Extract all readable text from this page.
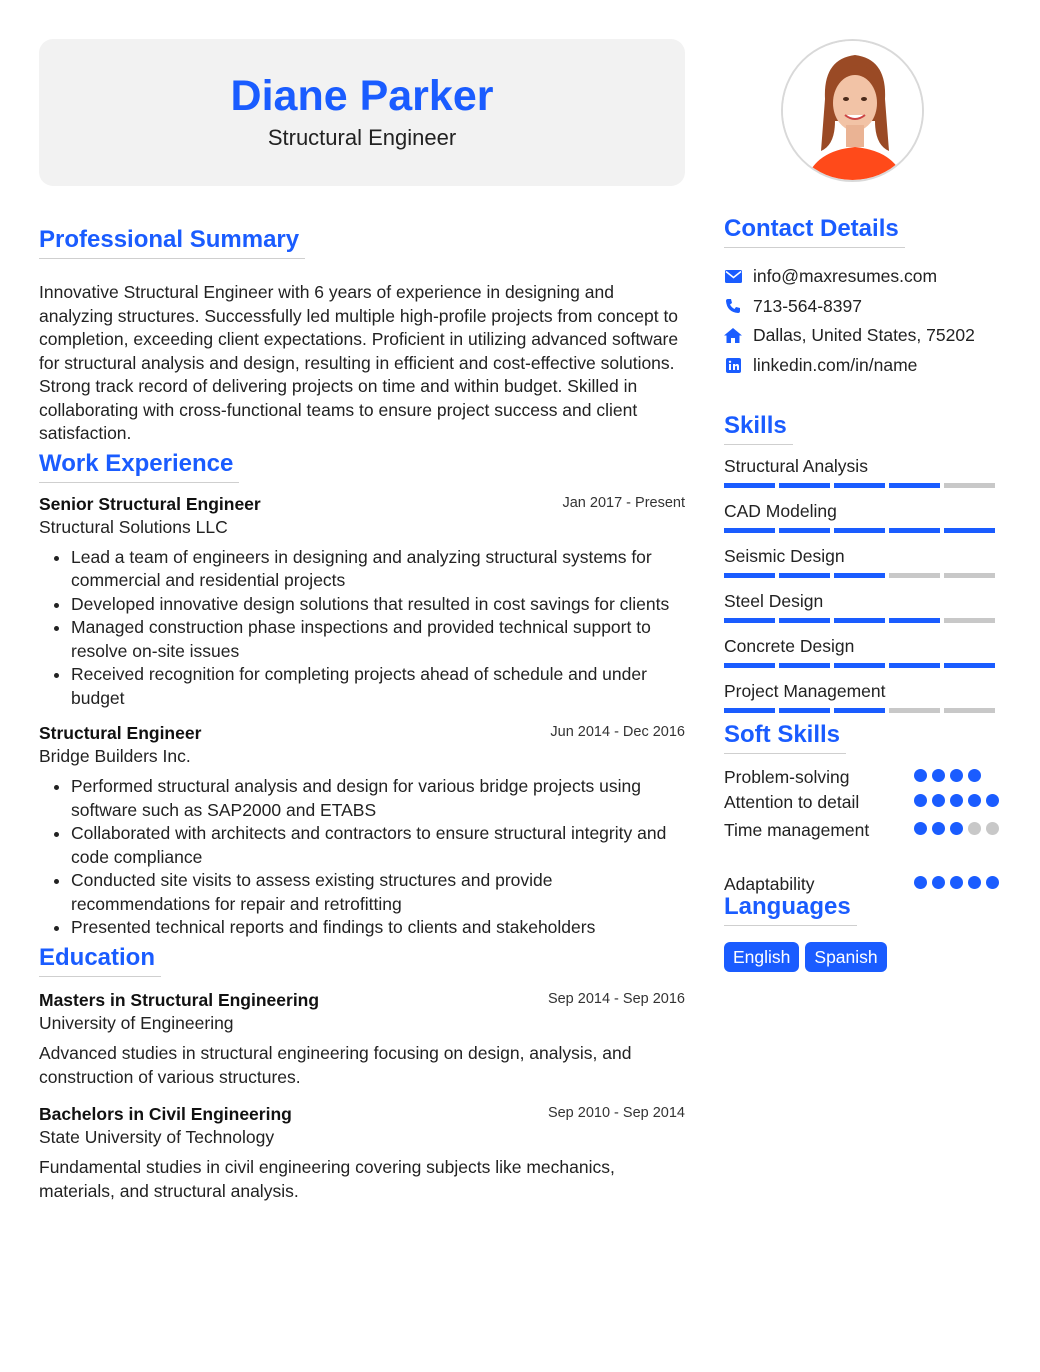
Diane Parker
Structural Engineer
Professional Summary
Innovative Structural Engineer with 6 years of experience in designing and analyzing structures. Successfully led multiple high-profile projects from concept to completion, exceeding client expectations. Proficient in utilizing advanced software for structural analysis and design, resulting in efficient and cost-effective solutions. Strong track record of delivering projects on time and within budget. Skilled in collaborating with cross-functional teams to ensure project success and client satisfaction.
Work Experience
Senior Structural Engineer	Jan 2017 - Present
Structural Solutions LLC
• Lead a team of engineers in designing and analyzing structural systems for commercial and residential projects
• Developed innovative design solutions that resulted in cost savings for clients
• Managed construction phase inspections and provided technical support to resolve on-site issues
• Received recognition for completing projects ahead of schedule and under budget
Structural Engineer	Jun 2014 - Dec 2016
Bridge Builders Inc.
• Performed structural analysis and design for various bridge projects using software such as SAP2000 and ETABS
• Collaborated with architects and contractors to ensure structural integrity and code compliance
• Conducted site visits to assess existing structures and provide recommendations for repair and retrofitting
• Presented technical reports and findings to clients and stakeholders
Education
Masters in Structural Engineering	Sep 2014 - Sep 2016
University of Engineering
Advanced studies in structural engineering focusing on design, analysis, and construction of various structures.
Bachelors in Civil Engineering	Sep 2010 - Sep 2014
State University of Technology
Fundamental studies in civil engineering covering subjects like mechanics, materials, and structural analysis.
Contact Details
info@maxresumes.com
713-564-8397
Dallas, United States, 75202
linkedin.com/in/name
Skills
Structural Analysis
CAD Modeling
Seismic Design
Steel Design
Concrete Design
Project Management
Soft Skills
Problem-solving
Attention to detail
Time management
Adaptability
Languages
English	Spanish
